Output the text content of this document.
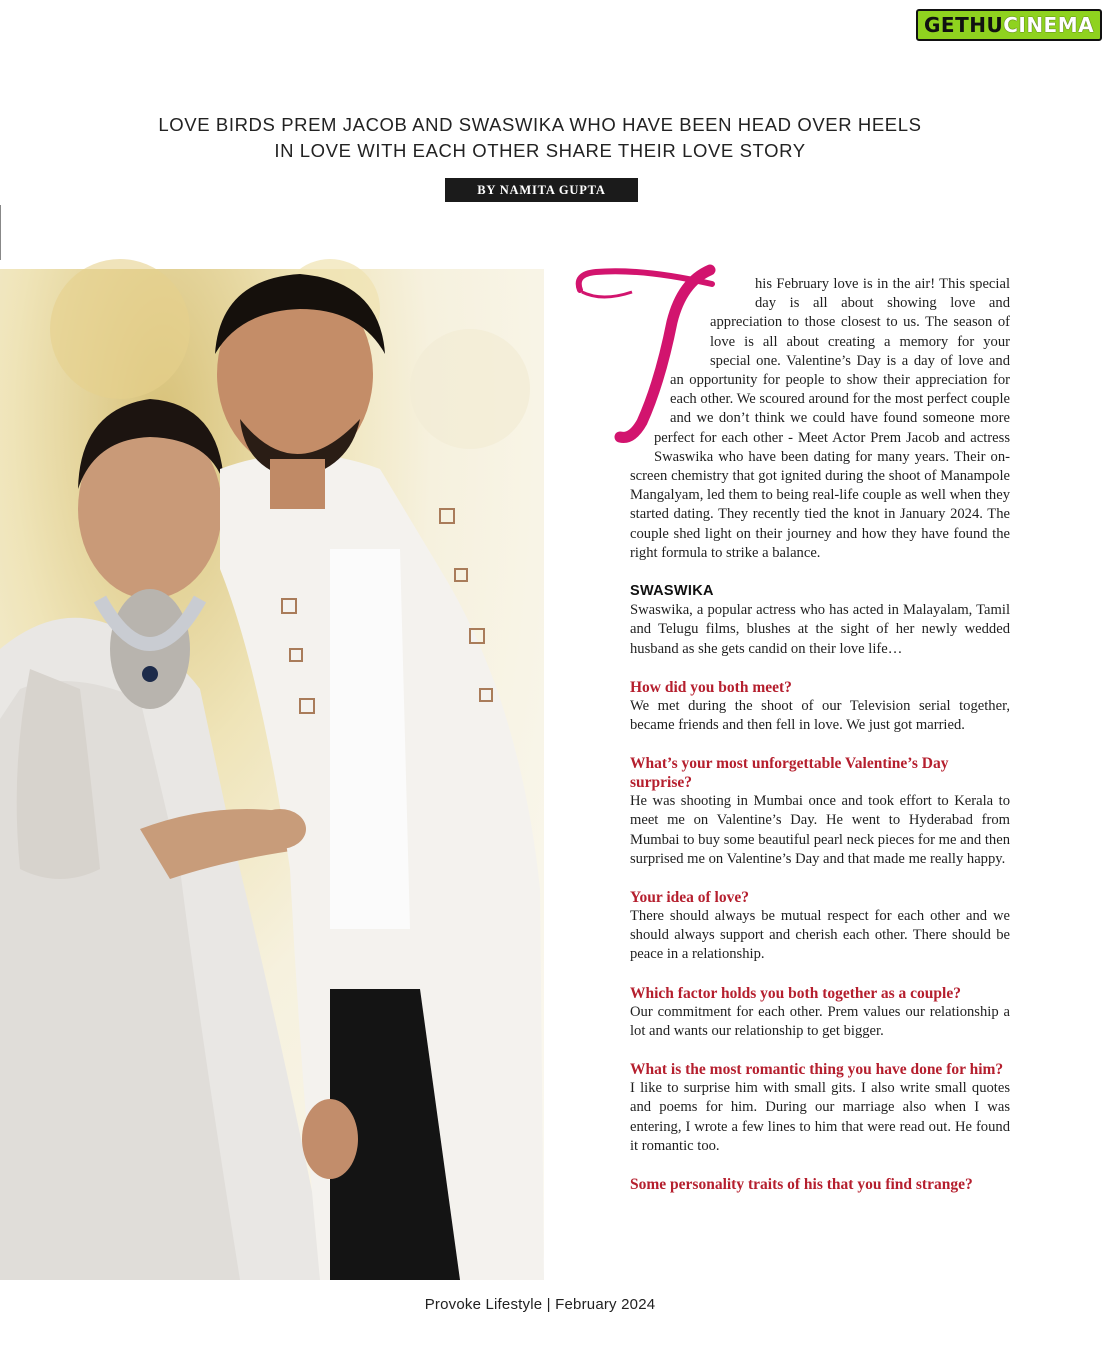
GETHUCINEMA
LOVE BIRDS PREM JACOB AND SWASWIKA WHO HAVE BEEN HEAD OVER HEELS
IN LOVE WITH EACH OTHER SHARE THEIR LOVE STORY
BY NAMITA GUPTA

his February love is in the air! This special day is all about showing love and appreciation to those closest to us. The season of love is all about creating a memory for your special one. Valentine’s Day is a day of love and an opportunity for people to show their appreciation for each other. We scoured around for the most perfect couple and we don’t think we could have found someone more perfect for each other - Meet Actor Prem Jacob and actress Swaswika who have been dating for many years. Their on-screen chemistry that got ignited during the shoot of Manampole Mangalyam, led them to being real-life couple as well when they started dating. They recently tied the knot in January 2024. The couple shed light on their journey and how they have found the right formula to strike a balance.

SWASWIKA

Swaswika, a popular actress who has acted in Malayalam, Tamil and Telugu films, blushes at the sight of her newly wedded husband as she gets candid on their love life…

How did you both meet?

We met during the shoot of our Television serial together, became friends and then fell in love. We just got married.

What’s your most unforgettable Valentine’s Day surprise?

He was shooting in Mumbai once and took effort to Kerala to meet me on Valentine’s Day. He went to Hyderabad from Mumbai to buy some beautiful pearl neck pieces for me and then surprised me on Valentine’s Day and that made me really happy.

Your idea of love?

There should always be mutual respect for each other and we should always support and cherish each other. There should be peace in a relationship.

Which factor holds you both together as a couple?

Our commitment for each other. Prem values our relationship a lot and wants our relationship to get bigger.

What is the most romantic thing you have done for him?

I like to surprise him with small gits. I also write small quotes and poems for him. During our marriage also when I was entering, I wrote a few lines to him that were read out. He found it romantic too.

Some personality traits of his that you find strange?
Provoke Lifestyle | February 2024
